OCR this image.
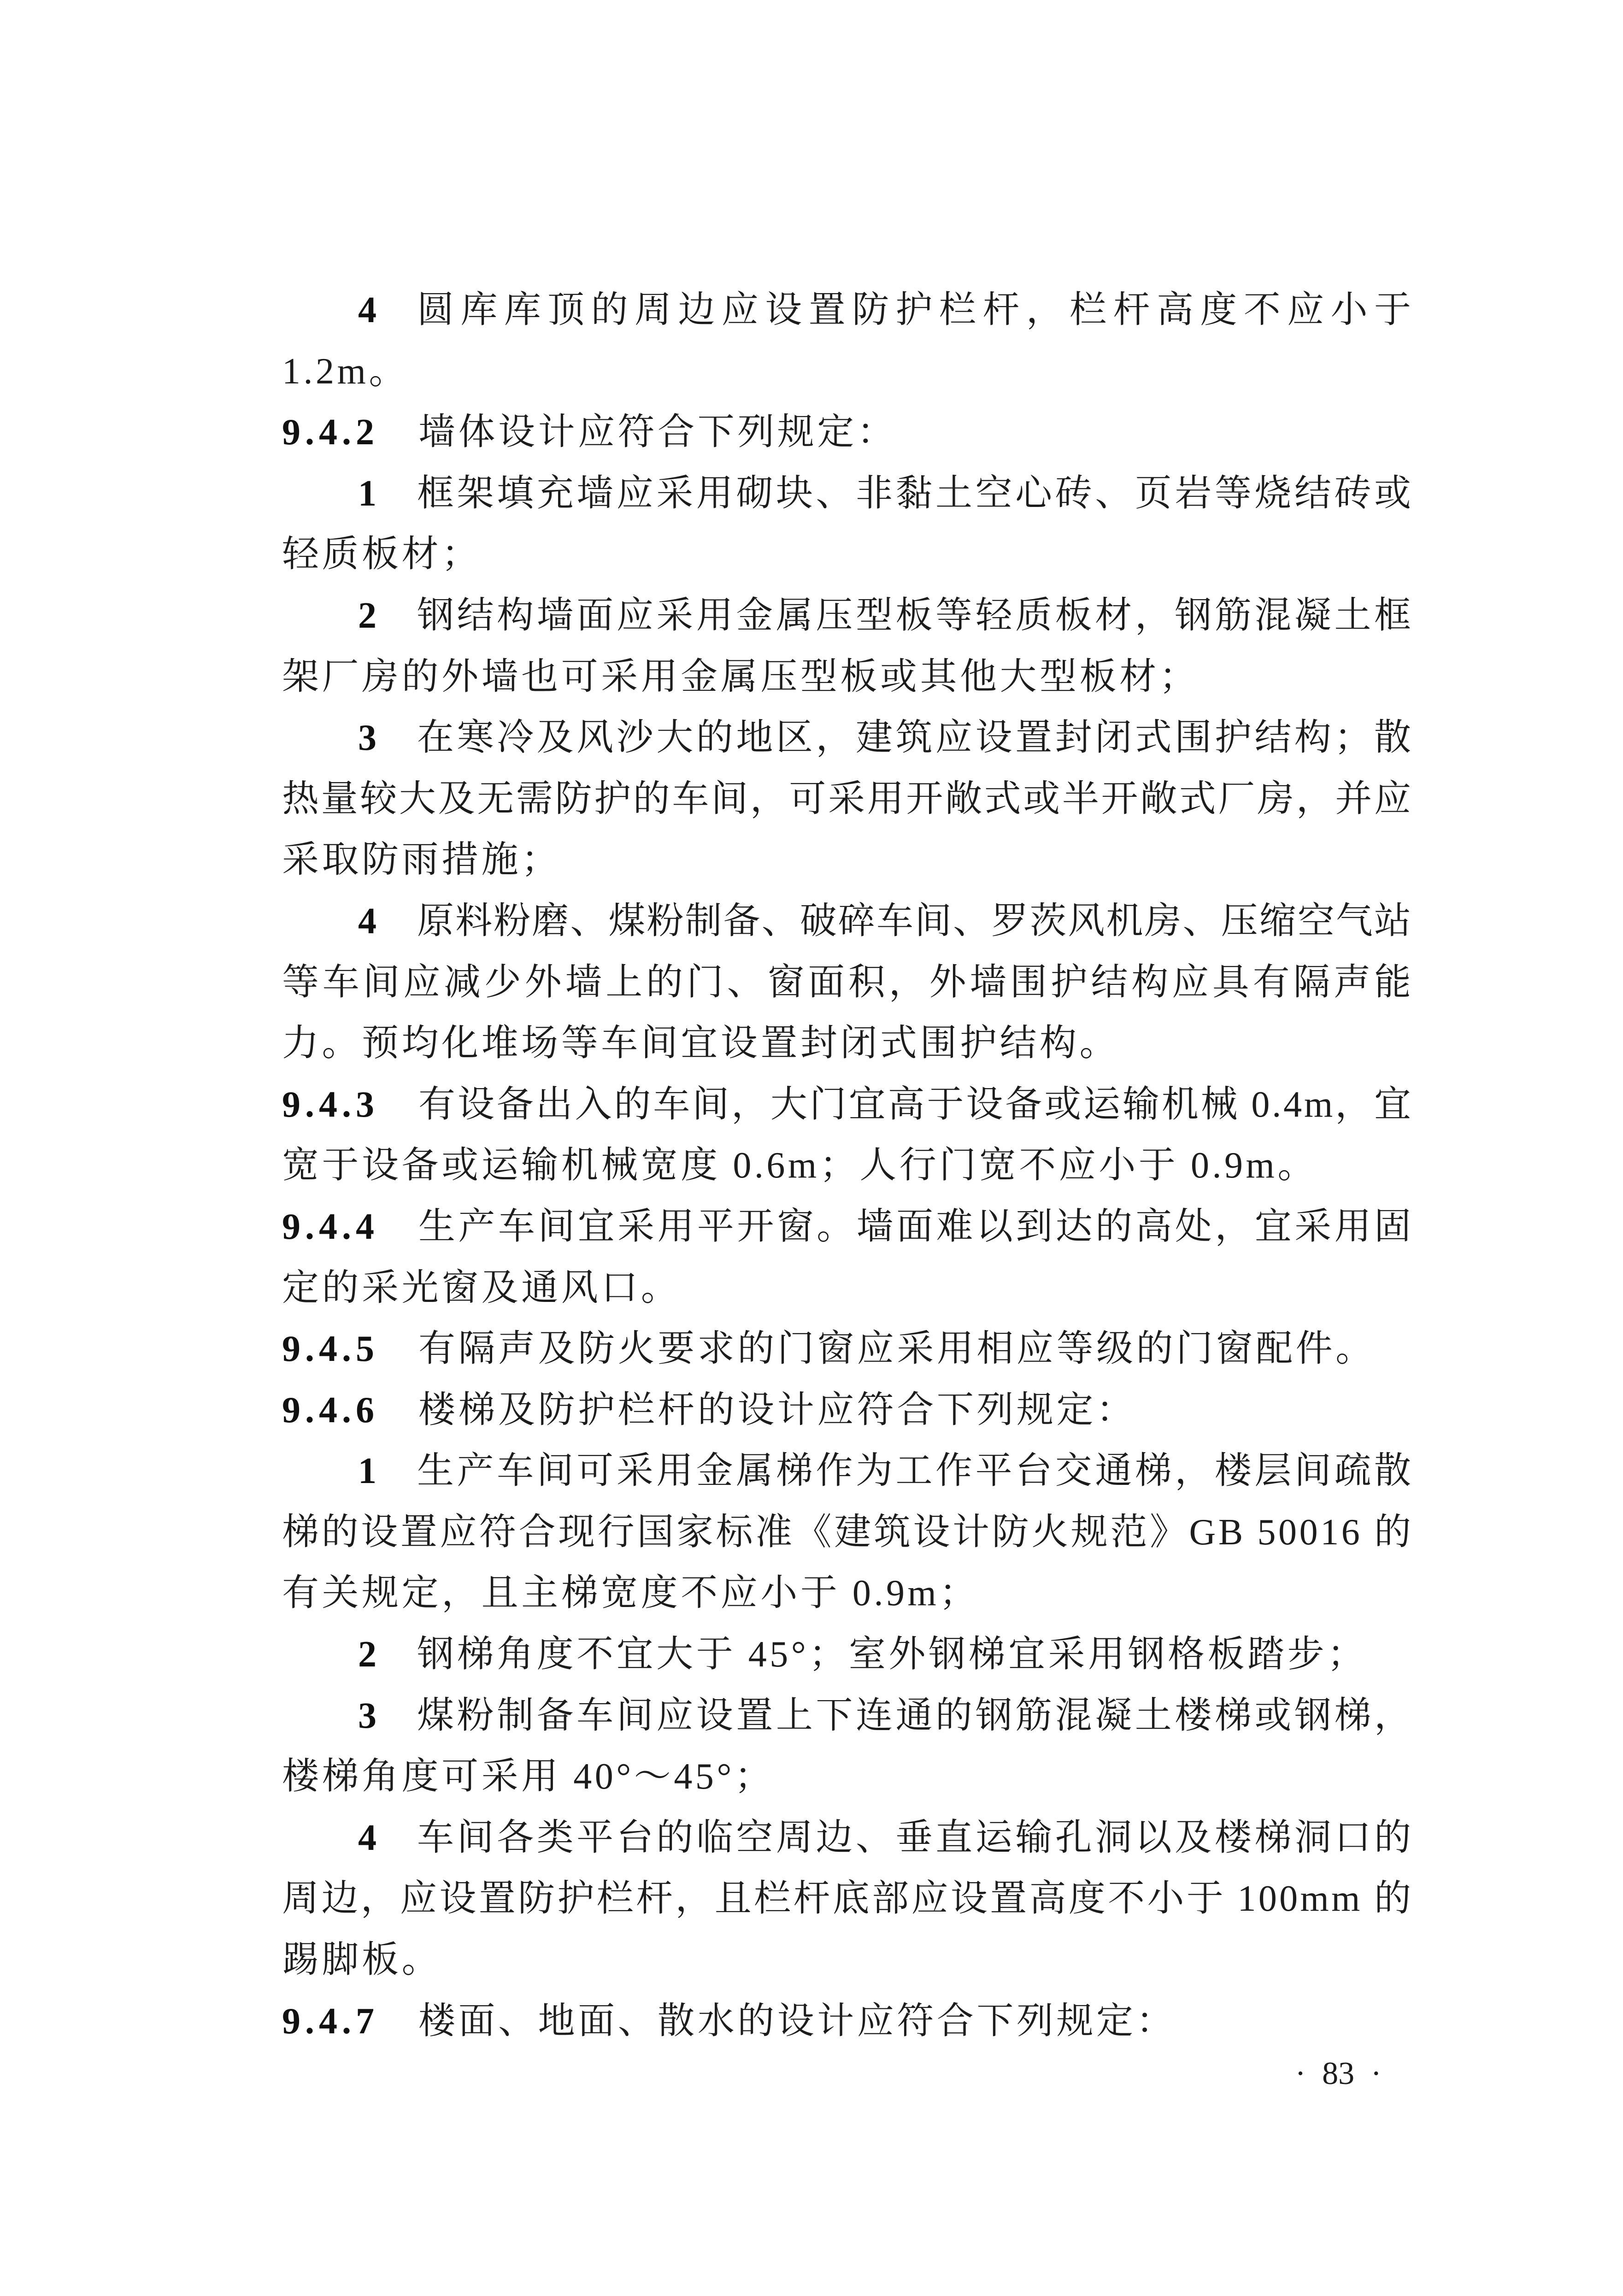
4 圆库库顶的周边应设置防护栏杆，栏杆高度不应小于
1.2m。
9.4.2 墙体设计应符合下列规定：
1 框架填充墙应采用砌块、非黏土空心砖、页岩等烧结砖或
轻质板材；
2 钢结构墙面应采用金属压型板等轻质板材，钢筋混凝土框
架厂房的外墙也可采用金属压型板或其他大型板材；
3 在寒冷及风沙大的地区，建筑应设置封闭式围护结构；散
热量较大及无需防护的车间，可采用开敞式或半开敞式厂房，并应
采取防雨措施；
4 原料粉磨、煤粉制备、破碎车间、罗茨风机房、压缩空气站
等车间应减少外墙上的门、窗面积，外墙围护结构应具有隔声能
力。预均化堆场等车间宜设置封闭式围护结构。
9.4.3 有设备出入的车间，大门宜高于设备或运输机械 0.4m，宜
宽于设备或运输机械宽度 0.6m；人行门宽不应小于 0.9m。
9.4.4 生产车间宜采用平开窗。墙面难以到达的高处，宜采用固
定的采光窗及通风口。
9.4.5 有隔声及防火要求的门窗应采用相应等级的门窗配件。
9.4.6 楼梯及防护栏杆的设计应符合下列规定：
1 生产车间可采用金属梯作为工作平台交通梯，楼层间疏散
梯的设置应符合现行国家标准《建筑设计防火规范》GB 50016 的
有关规定，且主梯宽度不应小于 0.9m；
2 钢梯角度不宜大于 45°；室外钢梯宜采用钢格板踏步；
3 煤粉制备车间应设置上下连通的钢筋混凝土楼梯或钢梯，
楼梯角度可采用 40°～45°；
4 车间各类平台的临空周边、垂直运输孔洞以及楼梯洞口的
周边，应设置防护栏杆，且栏杆底部应设置高度不小于 100mm 的
踢脚板。
9.4.7 楼面、地面、散水的设计应符合下列规定：
· 83 ·
